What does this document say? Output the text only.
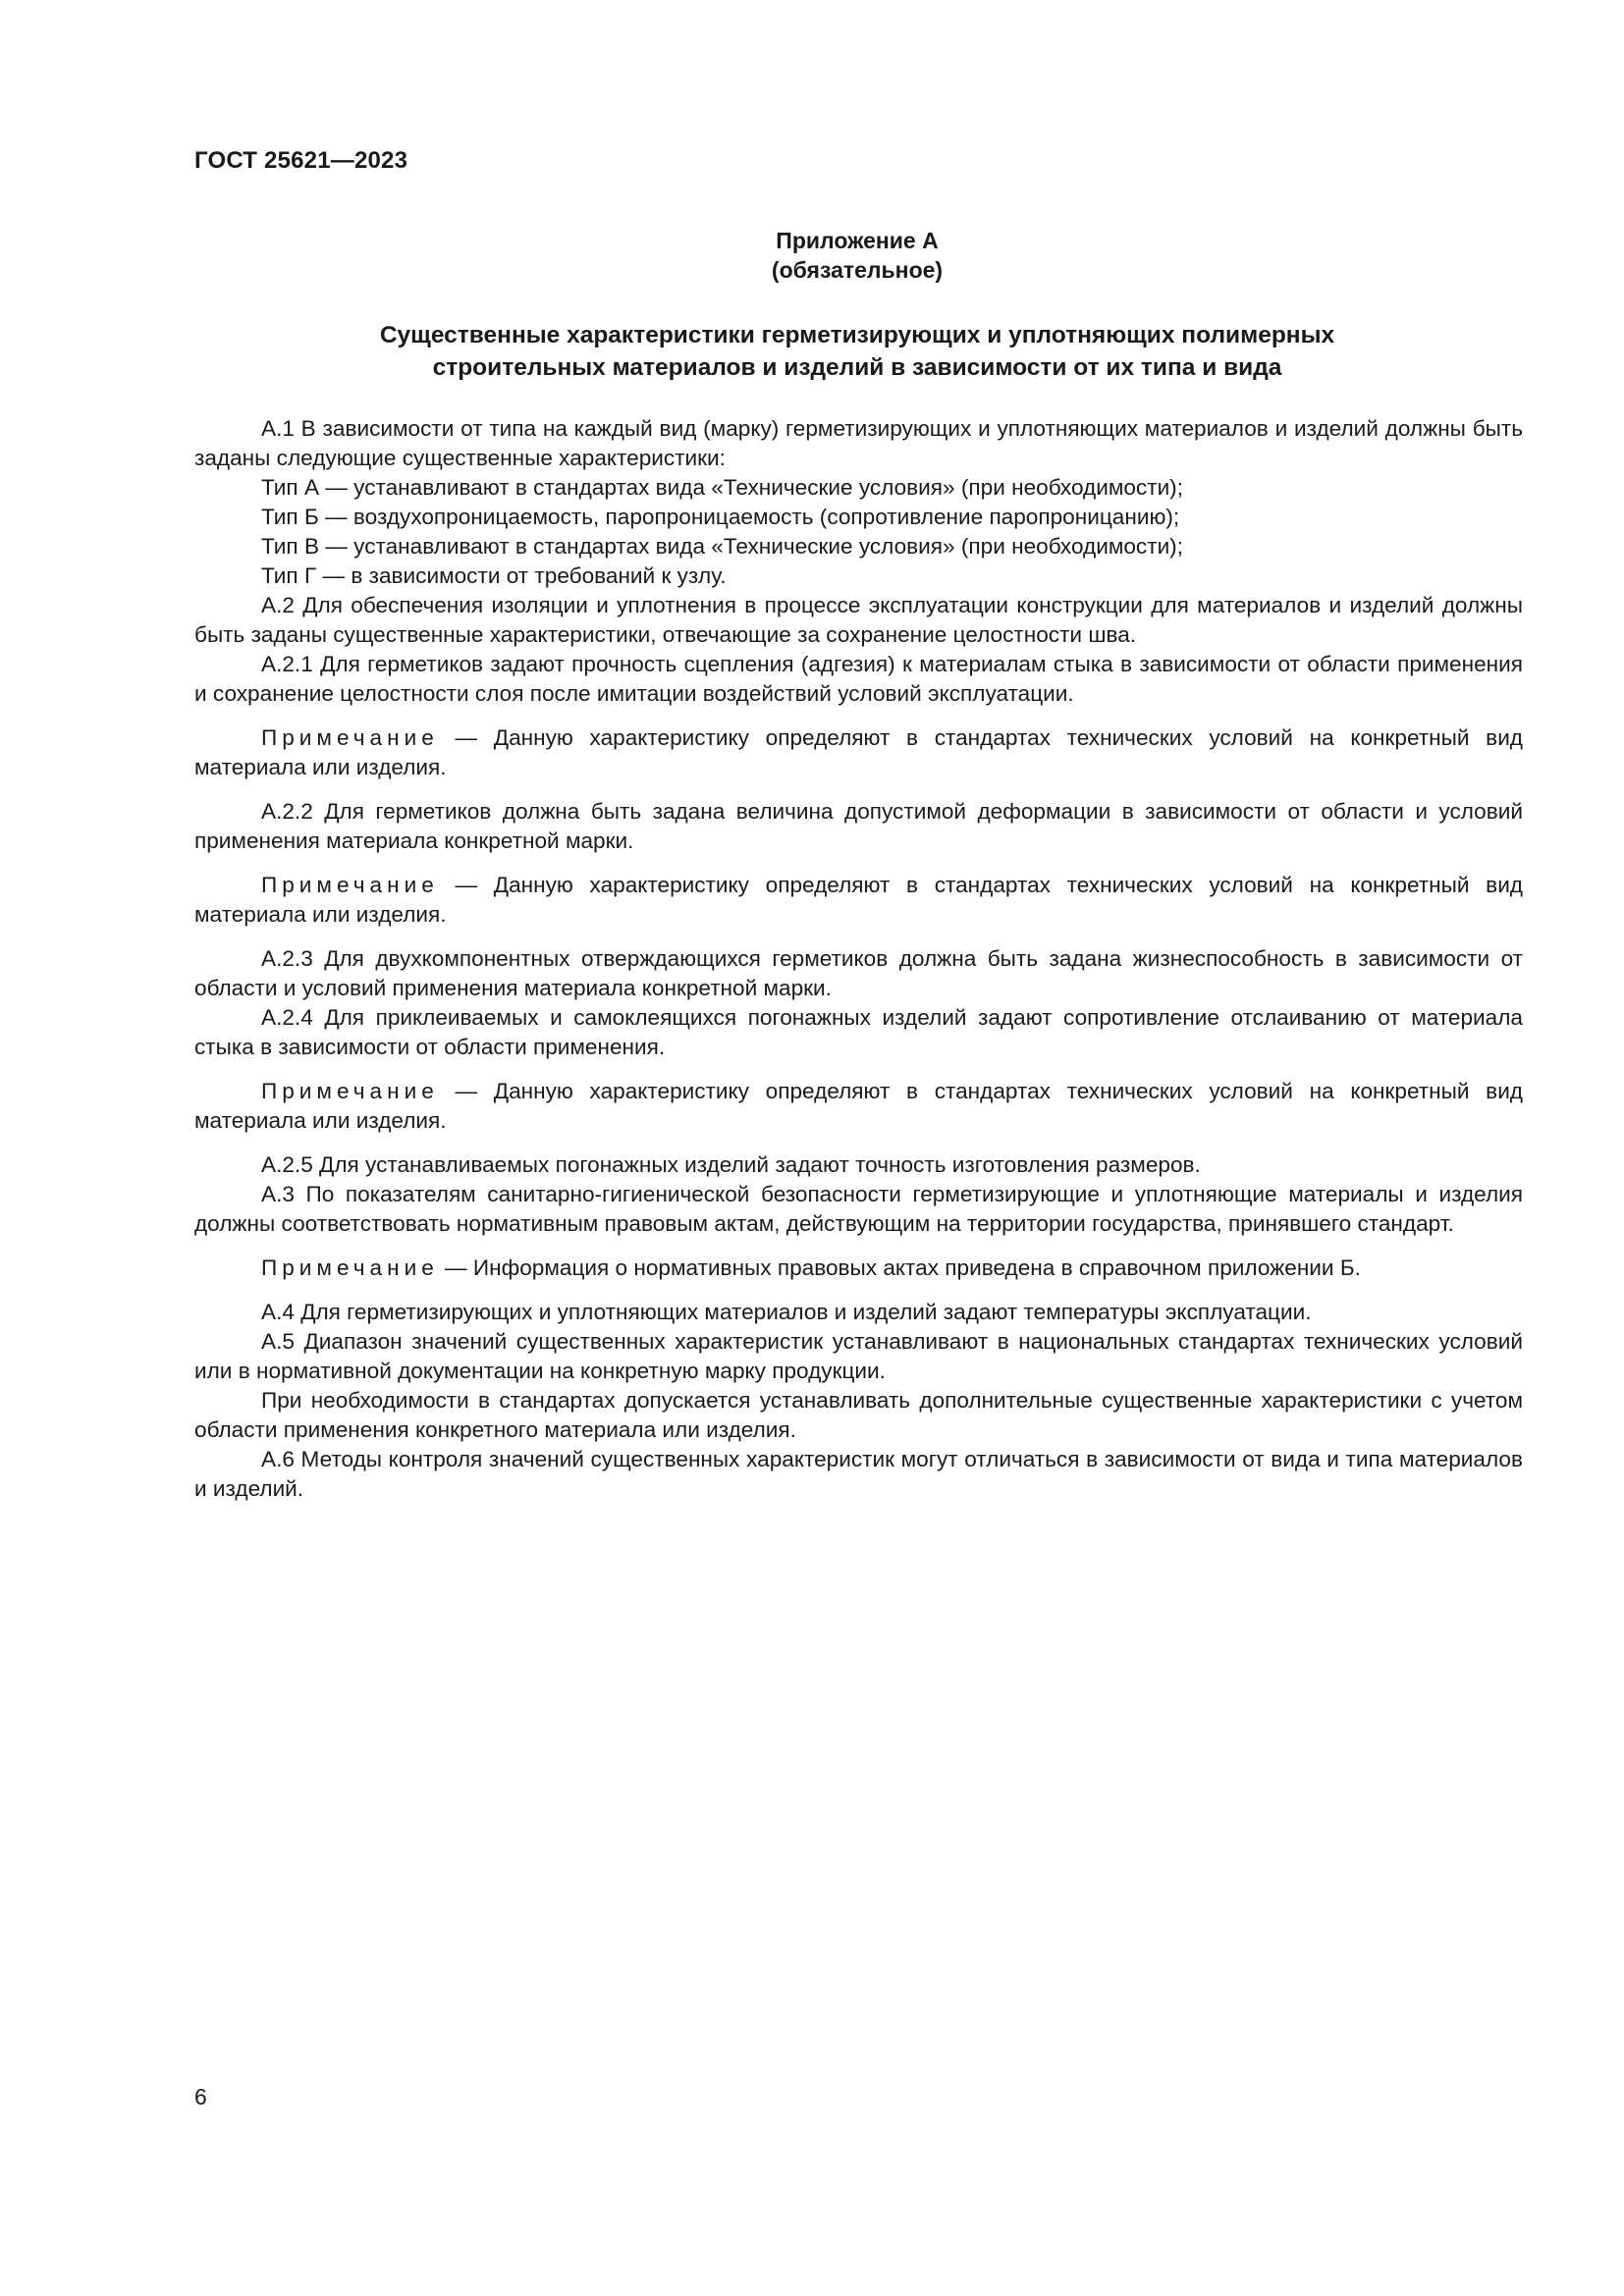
ГОСТ 25621—2023
Приложение А
(обязательное)
Существенные характеристики герметизирующих и уплотняющих полимерных
строительных материалов и изделий в зависимости от их типа и вида

А.1 В зависимости от типа на каждый вид (марку) герметизирующих и уплотняющих материалов и изделий должны быть заданы следующие существенные характеристики:

Тип А — устанавливают в стандартах вида «Технические условия» (при необходимости);

Тип Б — воздухопроницаемость, паропроницаемость (сопротивление паропроницанию);

Тип В — устанавливают в стандартах вида «Технические условия» (при необходимости);

Тип Г — в зависимости от требований к узлу.

А.2 Для обеспечения изоляции и уплотнения в процессе эксплуатации конструкции для материалов и изделий должны быть заданы существенные характеристики, отвечающие за сохранение целостности шва.

А.2.1 Для герметиков задают прочность сцепления (адгезия) к материалам стыка в зависимости от области применения и сохранение целостности слоя после имитации воздействий условий эксплуатации.

Примечание — Данную характеристику определяют в стандартах технических условий на конкретный вид материала или изделия.

А.2.2 Для герметиков должна быть задана величина допустимой деформации в зависимости от области и условий применения материала конкретной марки.

Примечание — Данную характеристику определяют в стандартах технических условий на конкретный вид материала или изделия.

А.2.3 Для двухкомпонентных отверждающихся герметиков должна быть задана жизнеспособность в зависимости от области и условий применения материала конкретной марки.

А.2.4 Для приклеиваемых и самоклеящихся погонажных изделий задают сопротивление отслаиванию от материала стыка в зависимости от области применения.

Примечание — Данную характеристику определяют в стандартах технических условий на конкретный вид материала или изделия.

А.2.5 Для устанавливаемых погонажных изделий задают точность изготовления размеров.

А.3 По показателям санитарно-гигиенической безопасности герметизирующие и уплотняющие материалы и изделия должны соответствовать нормативным правовым актам, действующим на территории государства, принявшего стандарт.

Примечание — Информация о нормативных правовых актах приведена в справочном приложении Б.

А.4 Для герметизирующих и уплотняющих материалов и изделий задают температуры эксплуатации.

А.5 Диапазон значений существенных характеристик устанавливают в национальных стандартах технических условий или в нормативной документации на конкретную марку продукции.

При необходимости в стандартах допускается устанавливать дополнительные существенные характеристики с учетом области применения конкретного материала или изделия.

А.6 Методы контроля значений существенных характеристик могут отличаться в зависимости от вида и типа материалов и изделий.

6
